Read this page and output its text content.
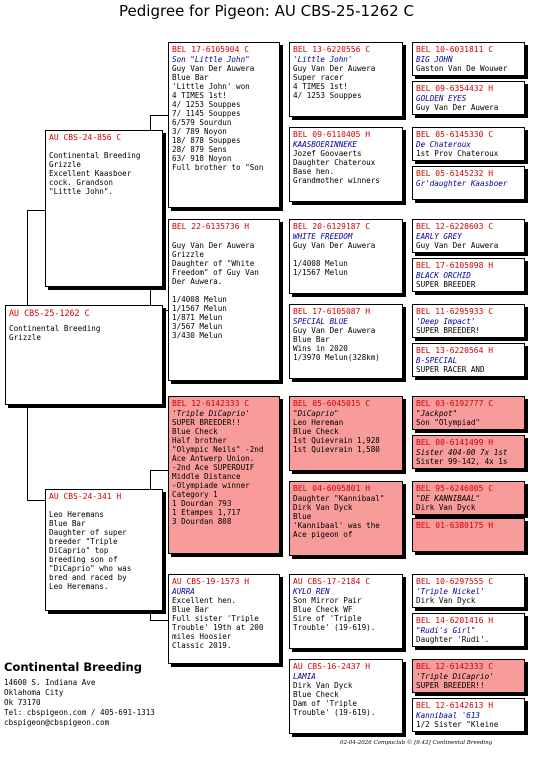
Pedigree for Pigeon: AU CBS-25-1262 C
AU CBS-25-1262 C
Continental Breeding
Grizzle
AU CBS-24-856 C
Continental Breeding
Grizzle
Excellent Kaasboer
cock. Grandson
"Little John".
AU CBS-24-341 H
Leo Heremans
Blue Bar
Daughter of super
breeder "Triple
DiCaprio" top
breeding son of
"DiCaprio" who was
bred and raced by
Leo Heremans.
BEL 17-6105904 C
Son "Little John"
Guy Van Der Auwera
Blue Bar
'Little John' won
4 TIMES 1st!
4/ 1253 Souppes
7/ 1145 Souppes
6/579 Sourdun
3/ 789 Noyon
18/ 878 Souppes
28/ 879 Sens
63/ 918 Noyon
Full brother to "Son
BEL 22-6135736 H
Guy Van Der Auwera
Grizzle
Daughter of "White
Freedom" of Guy Van
Der Auwera.
1/4008 Melun
1/1567 Melun
1/871 Melun
3/567 Melun
3/430 Melun
BEL 12-6142333 C
'Triple DiCaprio'
SUPER BREEDER!!
Blue Check
Half brother
"Olympic Neils" -2nd
Ace Antwerp Union.
-2nd Ace SUPERDUIF
Middle Distance
-Olympiade winner
Category 1
1 Dourdan 793
1 Etampes 1,717
3 Dourdan 808
AU CBS-19-1573 H
AURRA
Excellent hen.
Blue Bar
Full sister 'Triple
Trouble' 19th at 200
miles Hoosier
Classic 2019.
BEL 13-6220556 C
'Little John'
Guy Van Der Auwera
Super racer
4 TIMES 1st!
4/ 1253 Souppes
BEL 09-6110405 H
KAASBOERINNEKE
Jozef Goovaerts
Daughter Chateroux
Base hen.
Grandmother winners
BEL 20-6129187 C
WHITE FREEDOM
Guy Van Der Auwera
1/4008 Melun
1/1567 Melun
BEL 17-6105087 H
SPECIAL BLUE
Guy Van Der Auwera
Blue Bar
Wins in 2020
1/3970 Melun(328km)
BEL 05-6045015 C
"DiCaprio"
Leo Hereman
Blue Check
1st Quievrain 1,928
1st Quievrain 1,580
BEL 04-6095801 H
Daughter "Kannibaal"
Dirk Van Dyck
Blue
'Kannibaal' was the
Ace pigeon of
AU CBS-17-2184 C
KYLO REN
Son Mirror Pair
Blue Check WF
Sire of 'Triple
Trouble' (19-619).
AU CBS-16-2437 H
LAMIA
Dirk Van Dyck
Blue Check
Dam of 'Triple
Trouble' (19-619).
BEL 10-6031811 C
BIG JOHN
Gaston Van De Wouwer
BEL 09-6354432 H
GOLDEN EYES
Guy Van Der Auwera
BEL 05-6145330 C
De Chateroux
1st Prov Chateroux
BEL 05-6145232 H
Gr'daughter Kaasboer
BEL 12-6228603 C
EARLY GREY
Guy Van Der Auwera
BEL 17-6105098 H
BLACK ORCHID
SUPER BREEDER
BEL 11-6295933 C
'Deep Impact'
SUPER BREEDER!
BEL 13-6220564 H
B-SPECIAL
SUPER RACER AND
BEL 03-6192777 C
"Jackpot"
Son "Olympiad"
BEL 00-6141499 H
Sister 404-00 7x 1st
Sister 99-142, 4x 1s
BEL 95-6246005 C
"DE KANNIBAAL"
Dirk Van Dyck
BEL 01-6380175 H
BEL 10-6297555 C
'Triple Nickel'
Dirk Van Dyck
BEL 14-6201416 H
"Rudi's Girl"
Daughter 'Rudi'.
BEL 12-6142333 C
'Triple DiCaprio'
SUPER BREEDER!!
BEL 12-6142613 H
Kannibaal '613
1/2 Sister "Kleine
Continental Breeding
14600 S. Indiana Ave
Oklahoma City
Ok 73170
Tel: cbspigeon.com / 405-691-1313
cbspigeon@cbspigeon.com
02-04-2026 Compuclub © [9.42] Continental Breeding
